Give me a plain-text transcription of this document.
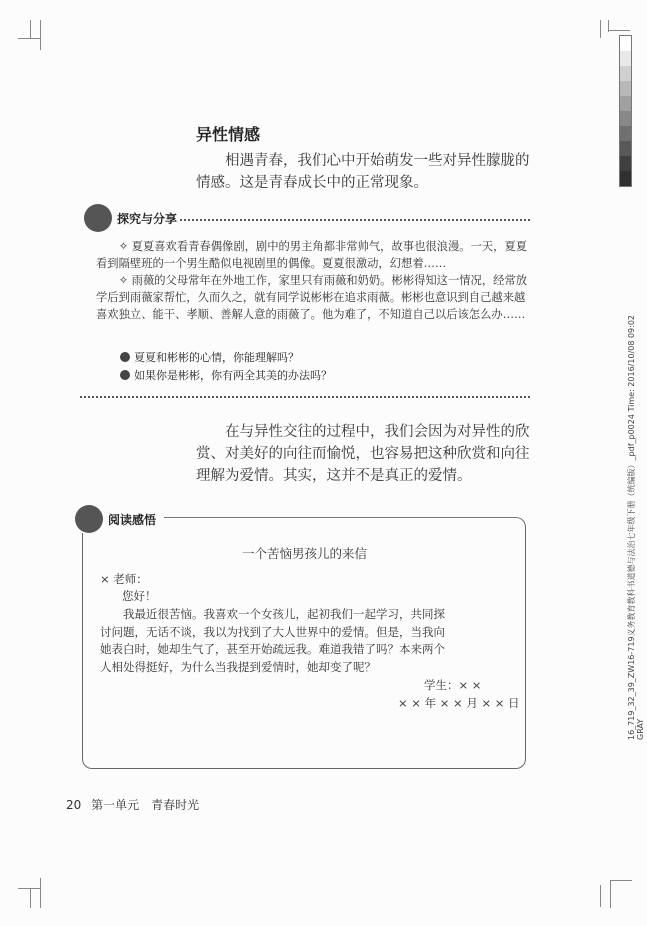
16_719_32_39_ZW16-719义务教育教科书道德与法治七年级下册（统编版）_pdf_p0024 Time: 2016/10/08 09:02 GRAY
异性情感

相遇青春，我们心中开始萌发一些对异性朦胧的情感。这是青春成长中的正常现象。

探究与分享

✧ 夏夏喜欢看青春偶像剧，剧中的男主角都非常帅气，故事也很浪漫。一天，夏夏看到隔壁班的一个男生酷似电视剧里的偶像。夏夏很激动，幻想着……

✧ 雨薇的父母常年在外地工作，家里只有雨薇和奶奶。彬彬得知这一情况，经常放学后到雨薇家帮忙，久而久之，就有同学说彬彬在追求雨薇。彬彬也意识到自己越来越喜欢独立、能干、孝顺、善解人意的雨薇了。他为难了，不知道自己以后该怎么办……

夏夏和彬彬的心情，你能理解吗？
如果你是彬彬，你有两全其美的办法吗？

在与异性交往的过程中，我们会因为对异性的欣赏、对美好的向往而愉悦，也容易把这种欣赏和向往理解为爱情。其实，这并不是真正的爱情。

阅读感悟
一个苦恼男孩儿的来信
× 老师：
您好！
我最近很苦恼。我喜欢一个女孩儿，起初我们一起学习，共同探讨问题，无话不谈，我以为找到了大人世界中的爱情。但是，当我向她表白时，她却生气了，甚至开始疏远我。难道我错了吗？本来两个人相处得挺好，为什么当我提到爱情时，她却变了呢？
学生：× ×
× × 年 × × 月 × × 日
20 第一单元　青春时光
